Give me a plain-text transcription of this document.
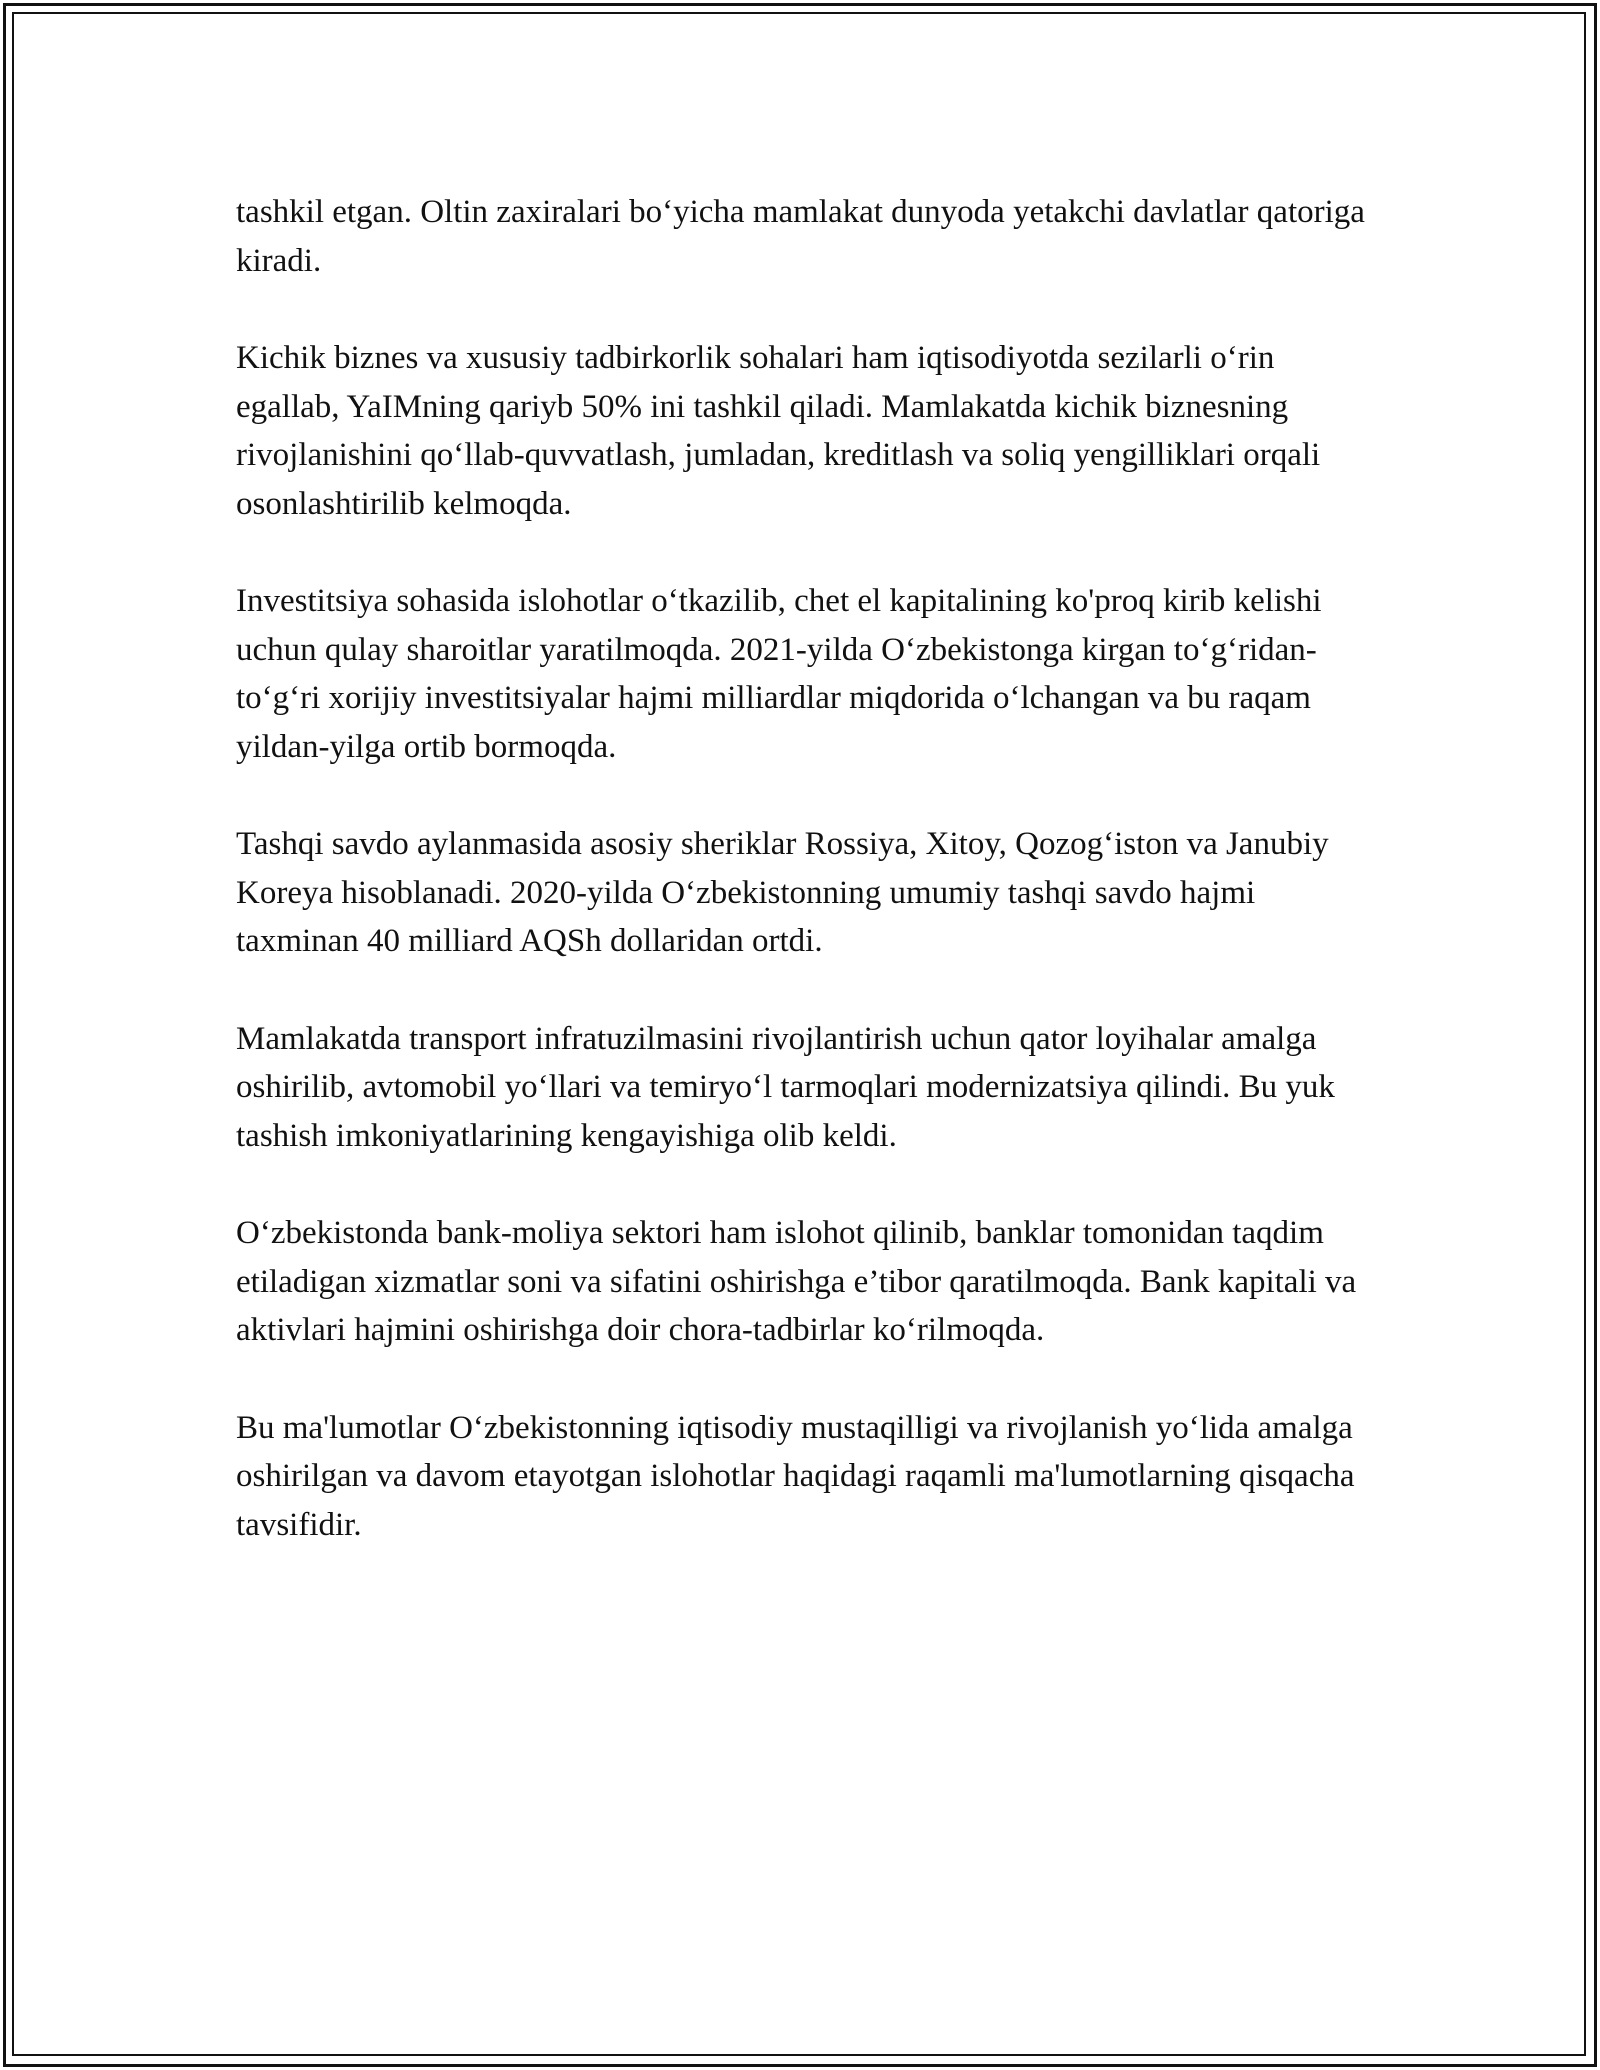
tashkil etgan. Oltin zaxiralari bo‘yicha mamlakat dunyoda yetakchi davlatlar qatoriga kiradi.

Kichik biznes va xususiy tadbirkorlik sohalari ham iqtisodiyotda sezilarli o‘rin egallab, YaIMning qariyb 50% ini tashkil qiladi. Mamlakatda kichik biznesning rivojlanishini qo‘llab-quvvatlash, jumladan, kreditlash va soliq yengilliklari orqali osonlashtirilib kelmoqda.

Investitsiya sohasida islohotlar o‘tkazilib, chet el kapitalining ko'proq kirib kelishi uchun qulay sharoitlar yaratilmoqda. 2021-yilda O‘zbekistonga kirgan to‘g‘ridan-to‘g‘ri xorijiy investitsiyalar hajmi milliardlar miqdorida o‘lchangan va bu raqam yildan-yilga ortib bormoqda.

Tashqi savdo aylanmasida asosiy sheriklar Rossiya, Xitoy, Qozog‘iston va Janubiy Koreya hisoblanadi. 2020-yilda O‘zbekistonning umumiy tashqi savdo hajmi taxminan 40 milliard AQSh dollaridan ortdi.

Mamlakatda transport infratuzilmasini rivojlantirish uchun qator loyihalar amalga oshirilib, avtomobil yo‘llari va temiryo‘l tarmoqlari modernizatsiya qilindi. Bu yuk tashish imkoniyatlarining kengayishiga olib keldi.

O‘zbekistonda bank-moliya sektori ham islohot qilinib, banklar tomonidan taqdim etiladigan xizmatlar soni va sifatini oshirishga e’tibor qaratilmoqda. Bank kapitali va aktivlari hajmini oshirishga doir chora-tadbirlar ko‘rilmoqda.

Bu ma'lumotlar O‘zbekistonning iqtisodiy mustaqilligi va rivojlanish yo‘lida amalga oshirilgan va davom etayotgan islohotlar haqidagi raqamli ma'lumotlarning qisqacha tavsifidir.
